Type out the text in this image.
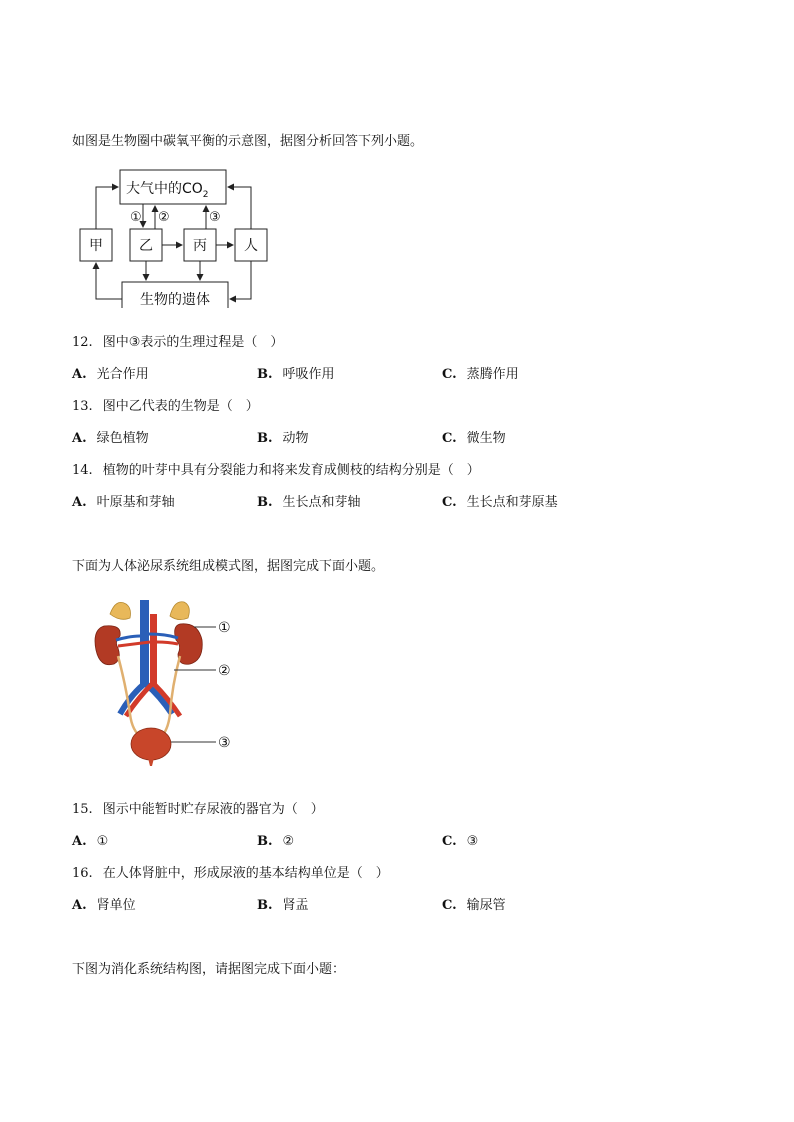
如图是生物圈中碳氧平衡的示意图，据图分析回答下列小题。
大气中的$CO_2$
甲	乙	丙	人
生物的遗体
① ②	③
12. 图中③表示的生理过程是（　）
A. 光合作用	B. 呼吸作用	C. 蒸腾作用
13. 图中乙代表的生物是（　）
A. 绿色植物	B. 动物	C. 微生物
14. 植物的叶芽中具有分裂能力和将来发育成侧枝的结构分别是（　）
A. 叶原基和芽轴	B. 生长点和芽轴	C. 生长点和芽原基
下面为人体泌尿系统组成模式图，据图完成下面小题。
①
②
③
15. 图示中能暂时贮存尿液的器官为（　）
A. ①	B. ②	C. ③
16. 在人体肾脏中，形成尿液的基本结构单位是（　）
A. 肾单位	B. 肾盂	C. 输尿管
下图为消化系统结构图，请据图完成下面小题：
